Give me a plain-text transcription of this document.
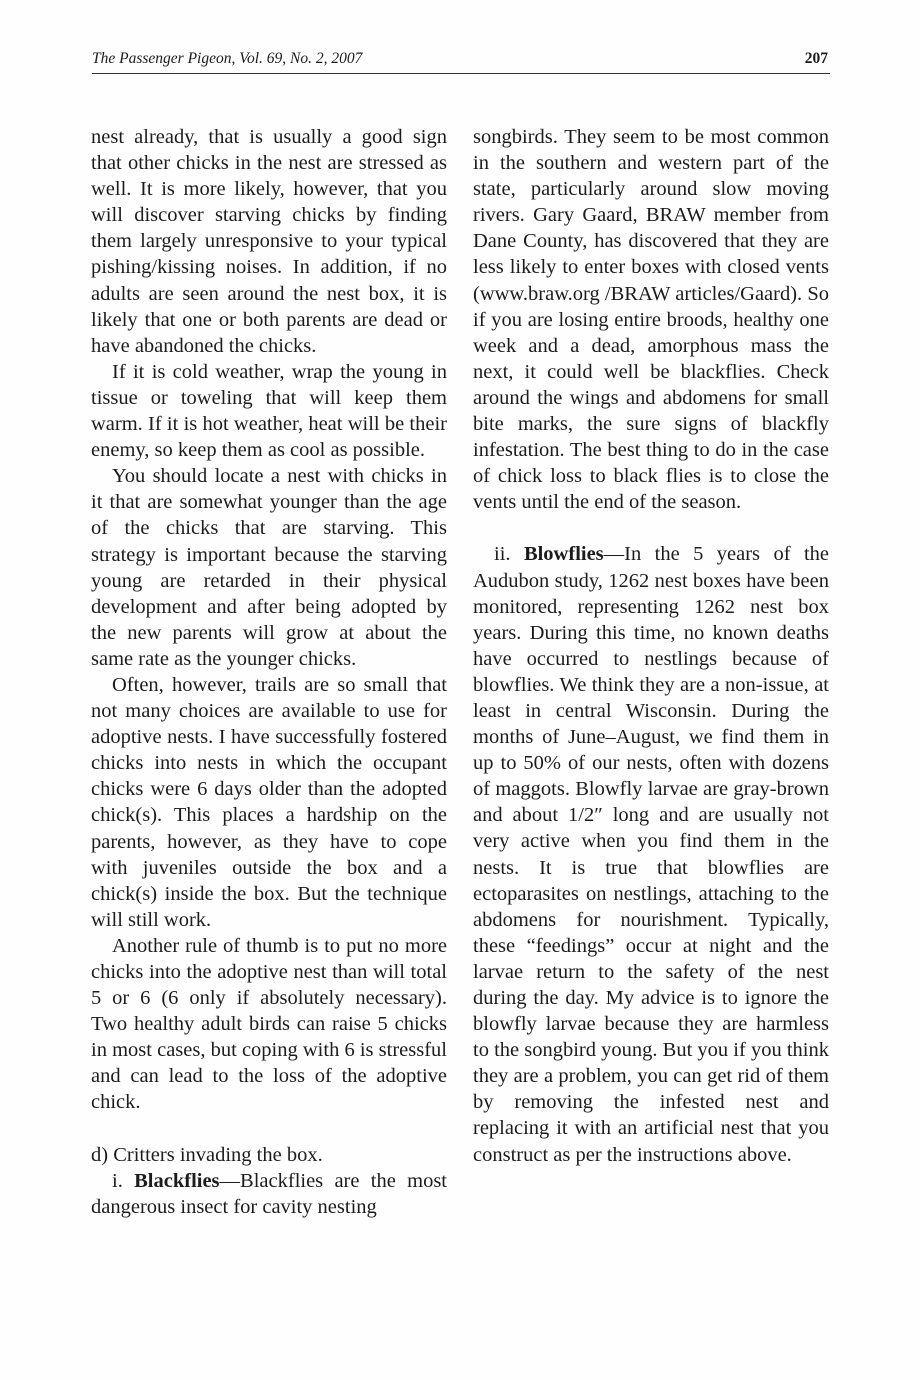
The Passenger Pigeon, Vol. 69, No. 2, 2007	207

nest already, that is usually a good sign that other chicks in the nest are stressed as well. It is more likely, however, that you will discover starving chicks by finding them largely unresponsive to your typical pishing/kissing noises. In addition, if no adults are seen around the nest box, it is likely that one or both parents are dead or have abandoned the chicks.

If it is cold weather, wrap the young in tissue or toweling that will keep them warm. If it is hot weather, heat will be their enemy, so keep them as cool as possible.

You should locate a nest with chicks in it that are somewhat younger than the age of the chicks that are starving. This strategy is important because the starving young are retarded in their physical development and after being adopted by the new parents will grow at about the same rate as the younger chicks.

Often, however, trails are so small that not many choices are available to use for adoptive nests. I have successfully fostered chicks into nests in which the occupant chicks were 6 days older than the adopted chick(s). This places a hardship on the parents, however, as they have to cope with juveniles outside the box and a chick(s) inside the box. But the technique will still work.

Another rule of thumb is to put no more chicks into the adoptive nest than will total 5 or 6 (6 only if absolutely necessary). Two healthy adult birds can raise 5 chicks in most cases, but coping with 6 is stressful and can lead to the loss of the adoptive chick.

d) Critters invading the box.

i. Blackflies—Blackflies are the most dangerous insect for cavity nesting

songbirds. They seem to be most common in the southern and western part of the state, particularly around slow moving rivers. Gary Gaard, BRAW member from Dane County, has discovered that they are less likely to enter boxes with closed vents (www.braw.org /BRAW articles/Gaard). So if you are losing entire broods, healthy one week and a dead, amorphous mass the next, it could well be blackflies. Check around the wings and abdomens for small bite marks, the sure signs of blackfly infestation. The best thing to do in the case of chick loss to black flies is to close the vents until the end of the season.

ii. Blowflies—In the 5 years of the Audubon study, 1262 nest boxes have been monitored, representing 1262 nest box years. During this time, no known deaths have occurred to nestlings because of blowflies. We think they are a non-issue, at least in central Wisconsin. During the months of June–August, we find them in up to 50% of our nests, often with dozens of maggots. Blowfly larvae are gray-brown and about 1/2″ long and are usually not very active when you find them in the nests. It is true that blowflies are ectoparasites on nestlings, attaching to the abdomens for nourishment. Typically, these “feedings” occur at night and the larvae return to the safety of the nest during the day. My advice is to ignore the blowfly larvae because they are harmless to the songbird young. But you if you think they are a problem, you can get rid of them by removing the infested nest and replacing it with an artificial nest that you construct as per the instructions above.
